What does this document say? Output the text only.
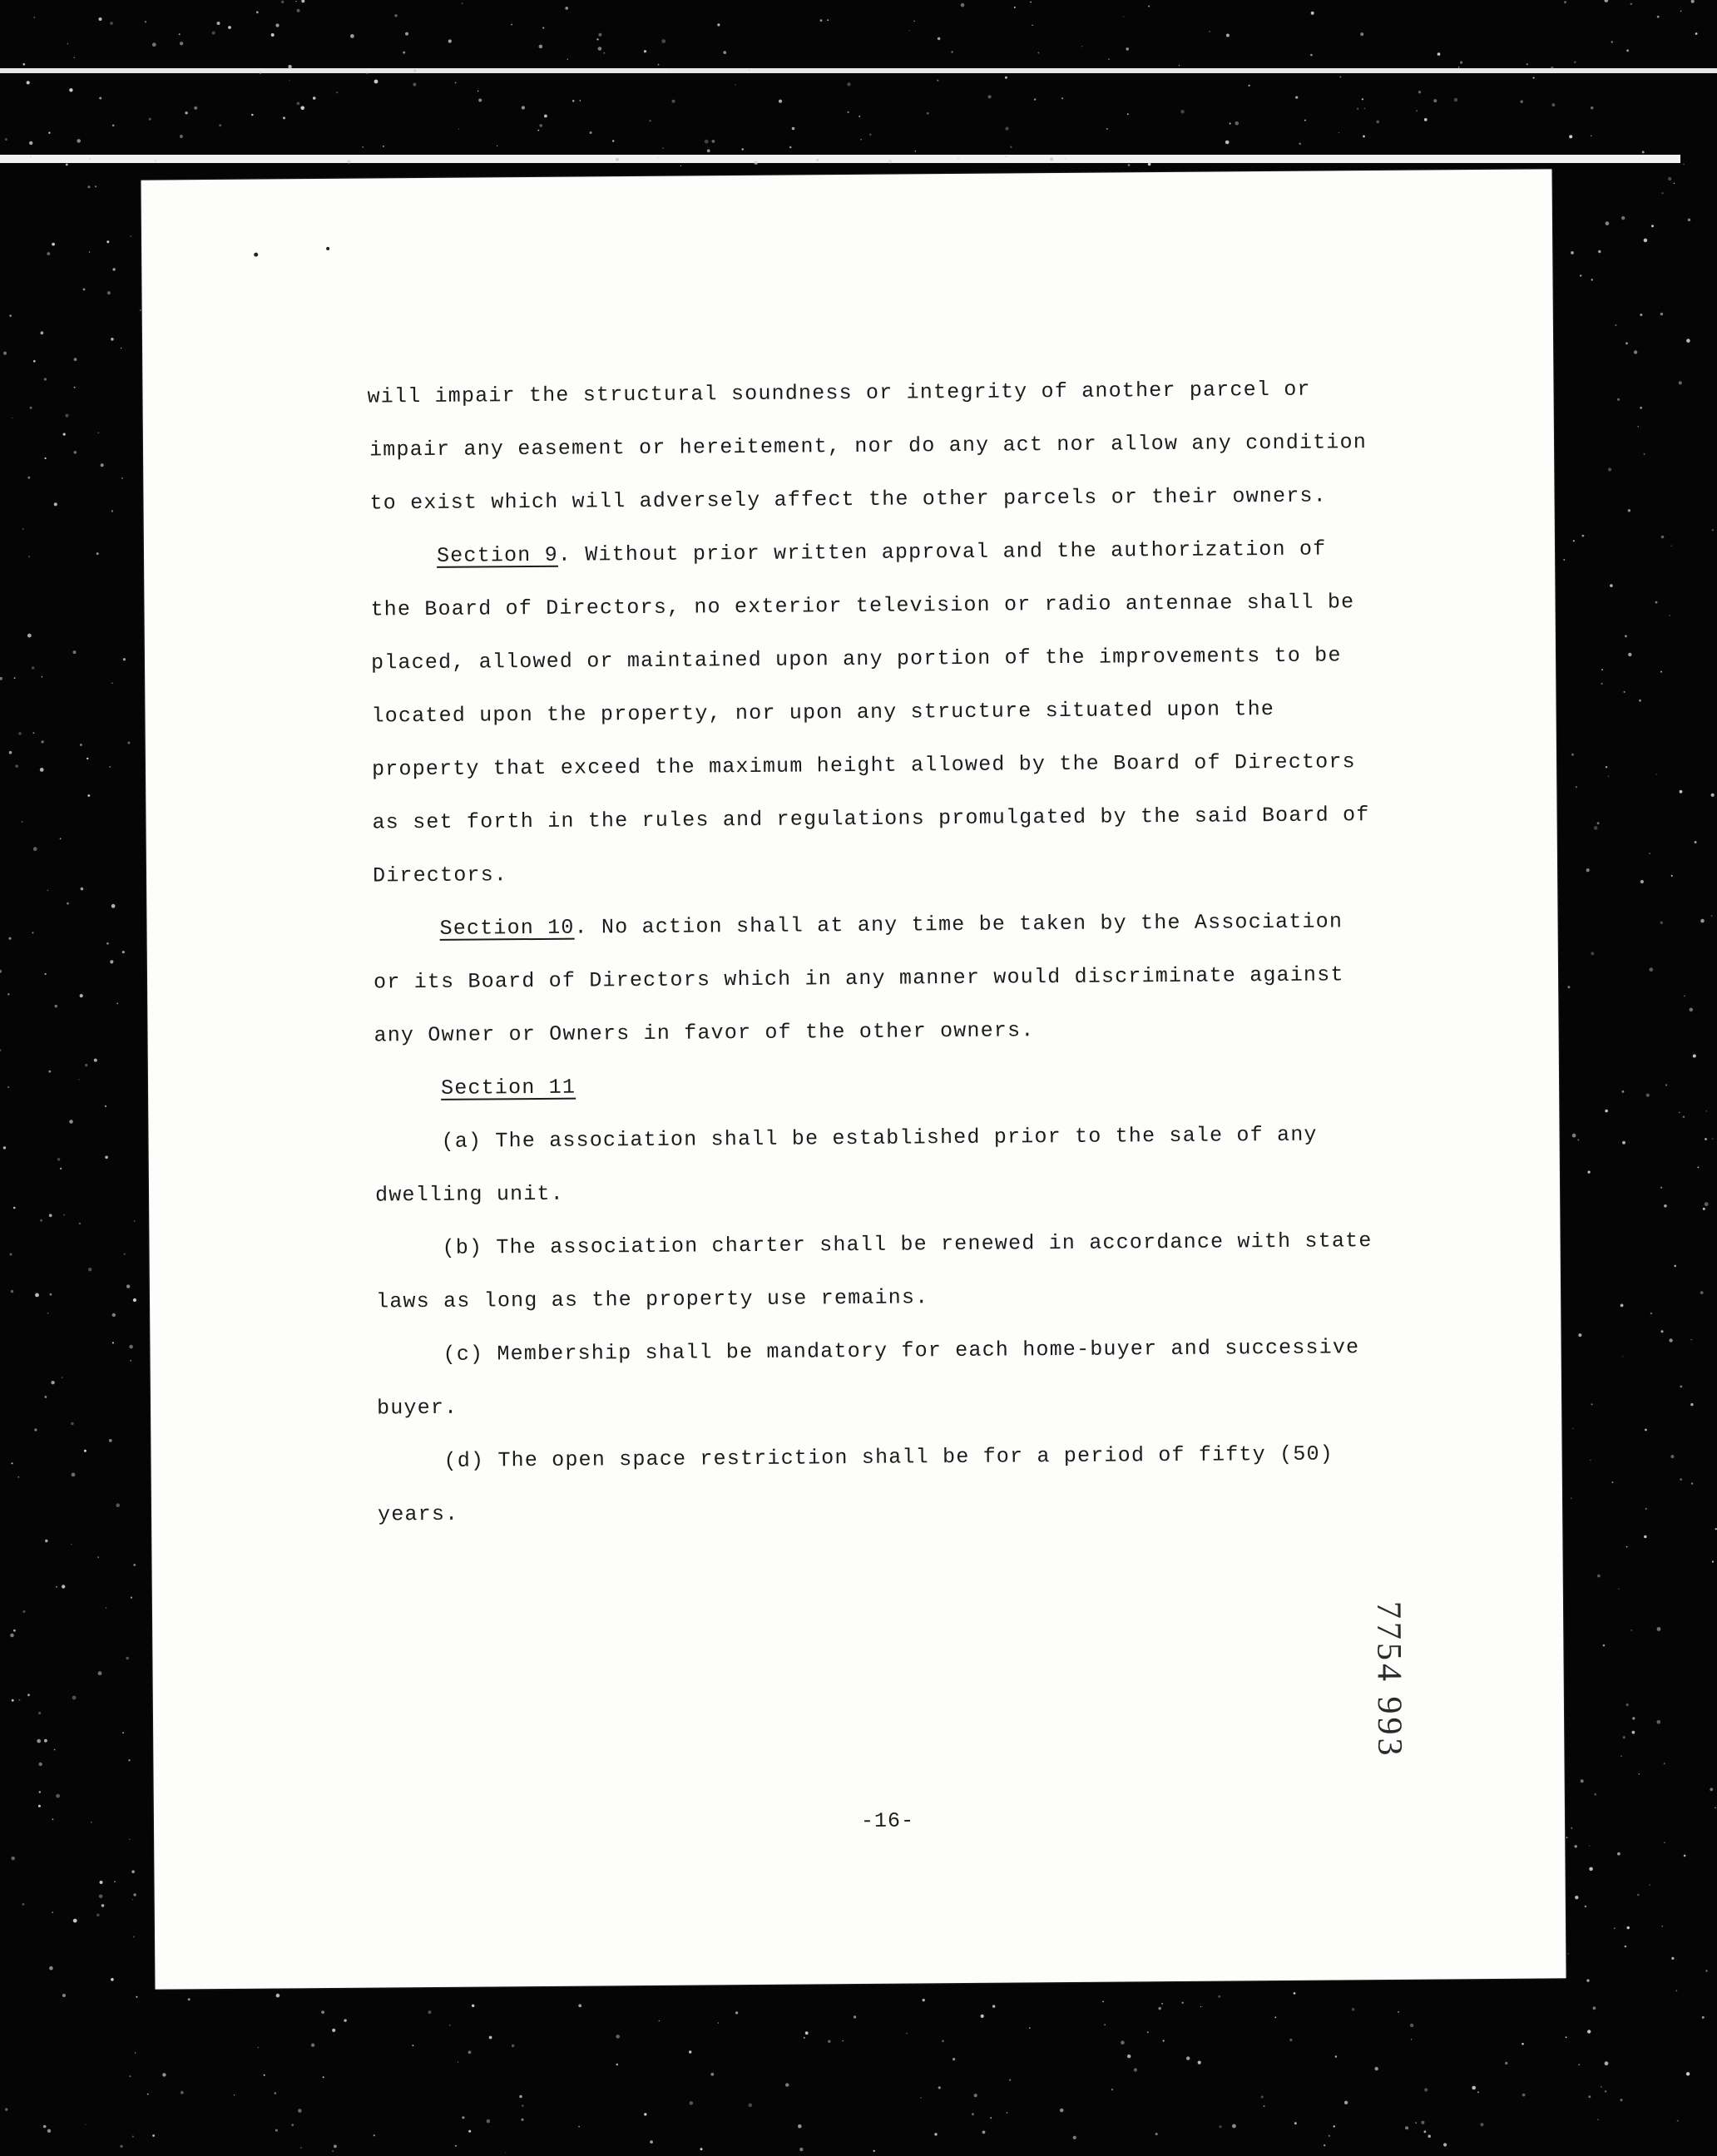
will impair the structural soundness or integrity of another parcel or
impair any easement or hereitement, nor do any act nor allow any condition
to exist which will adversely affect the other parcels or their owners.
Section 9. Without prior written approval and the authorization of
the Board of Directors, no exterior television or radio antennae shall be
placed, allowed or maintained upon any portion of the improvements to be
located upon the property, nor upon any structure situated upon the
property that exceed the maximum height allowed by the Board of Directors
as set forth in the rules and regulations promulgated by the said Board of
Directors.
Section 10. No action shall at any time be taken by the Association
or its Board of Directors which in any manner would discriminate against
any Owner or Owners in favor of the other owners.
Section 11
(a) The association shall be established prior to the sale of any
dwelling unit.
(b) The association charter shall be renewed in accordance with state
laws as long as the property use remains.
(c) Membership shall be mandatory for each home-buyer and successive
buyer.
(d) The open space restriction shall be for a period of fifty (50)
years.
-16-
7754 993
